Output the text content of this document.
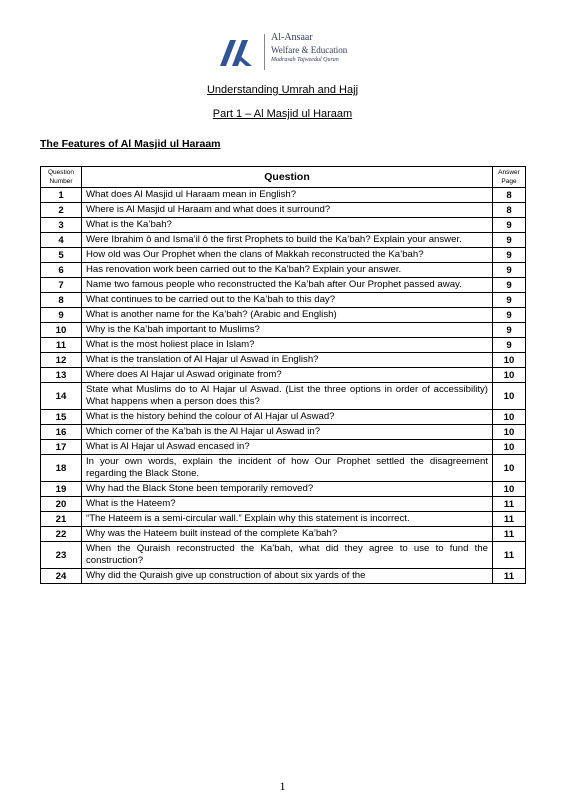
Al-Ansaar
Welfare & Education
Madrasah Tajweedul Quran
Understanding Umrah and Hajj
Part 1 – Al Masjid ul Haraam
The Features of Al Masjid ul Haraam
Question Number	Question	Answer Page
1	What does Al Masjid ul Haraam mean in English?	8
2	Where is Al Masjid ul Haraam and what does it surround?	8
3	What is the Ka’bah?	9
4	Were Ibrahim ô and Isma’il ô the first Prophets to build the Ka’bah? Explain your answer.	9
5	How old was Our Prophet when the clans of Makkah reconstructed the Ka’bah?	9
6	Has renovation work been carried out to the Ka’bah? Explain your answer.	9
7	Name two famous people who reconstructed the Ka’bah after Our Prophet passed away.	9
8	What continues to be carried out to the Ka’bah to this day?	9
9	What is another name for the Ka’bah? (Arabic and English)	9
10	Why is the Ka’bah important to Muslims?	9
11	What is the most holiest place in Islam?	9
12	What is the translation of Al Hajar ul Aswad in English?	10
13	Where does Al Hajar ul Aswad originate from?	10
14	State what Muslims do to Al Hajar ul Aswad. (List the three options in order of accessibility) What happens when a person does this?	10
15	What is the history behind the colour of Al Hajar ul Aswad?	10
16	Which corner of the Ka’bah is the Al Hajar ul Aswad in?	10
17	What is Al Hajar ul Aswad encased in?	10
18	In your own words, explain the incident of how Our Prophet settled the disagreement regarding the Black Stone.	10
19	Why had the Black Stone been temporarily removed?	10
20	What is the Hateem?	11
21	“The Hateem is a semi-circular wall.” Explain why this statement is incorrect.	11
22	Why was the Hateem built instead of the complete Ka’bah?	11
23	When the Quraish reconstructed the Ka’bah, what did they agree to use to fund the construction?	11
24	Why did the Quraish give up construction of about six yards of the	11
1
